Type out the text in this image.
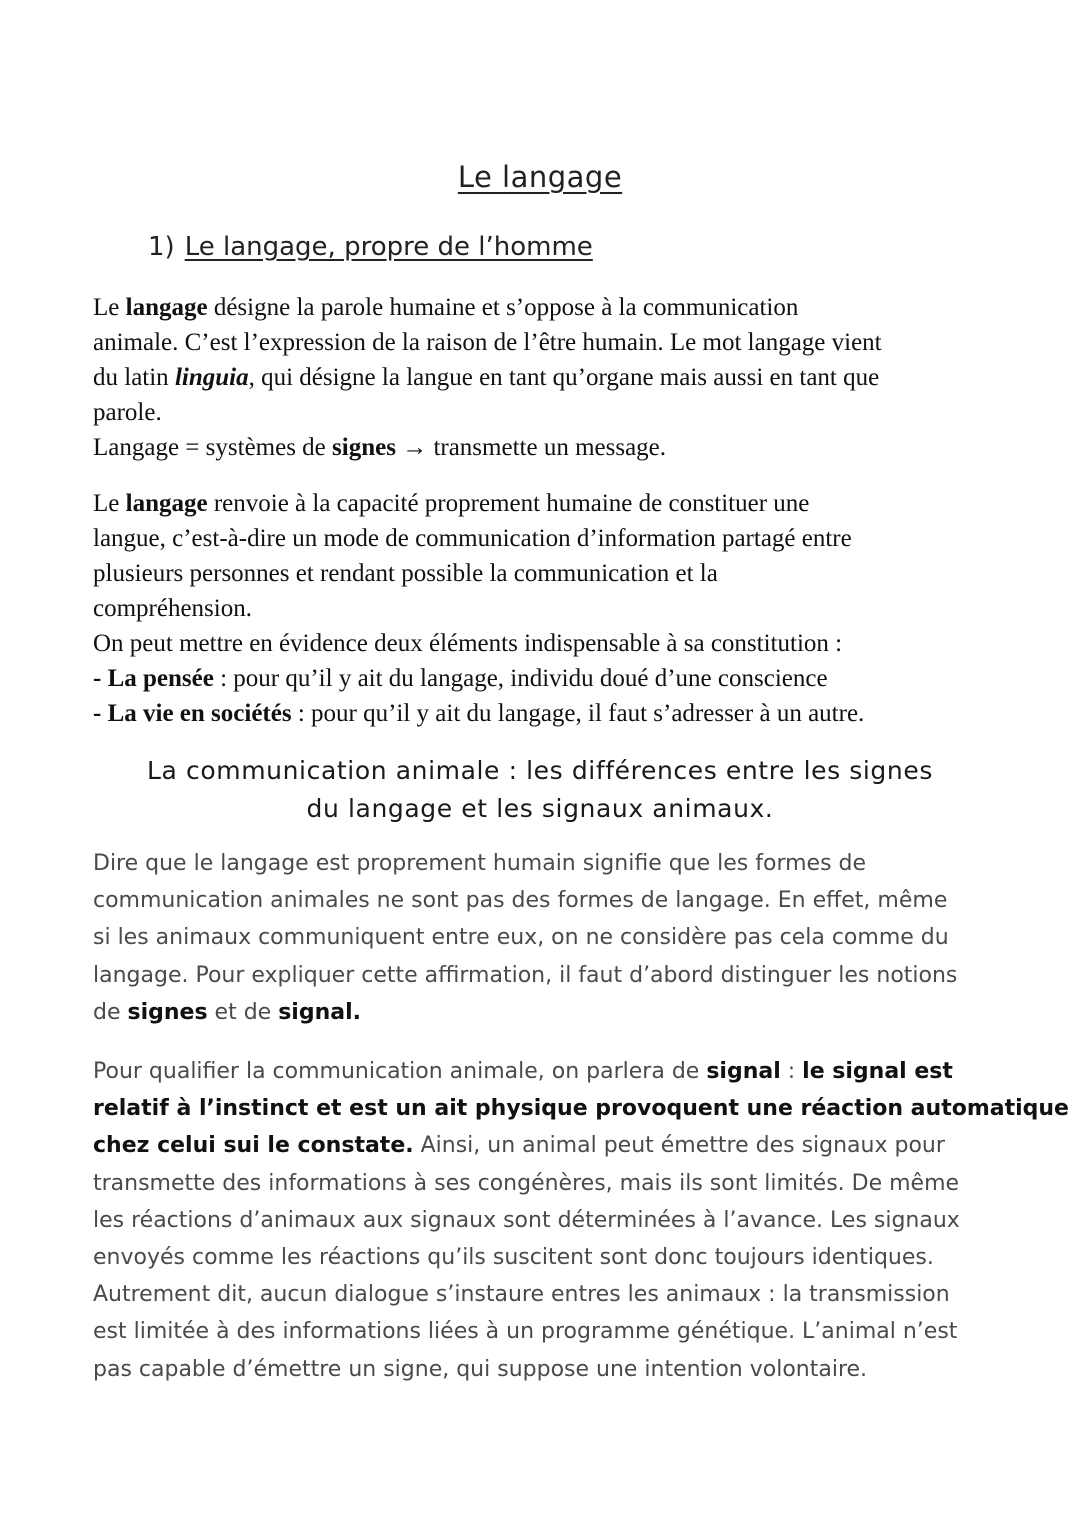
Le langage
1) Le langage, propre de l’homme

Le langage désigne la parole humaine et s’oppose à la communication

animale. C’est l’expression de la raison de l’être humain. Le mot langage vient

du latin linguia, qui désigne la langue en tant qu’organe mais aussi en tant que

parole.

Langage = systèmes de signes → transmette un message.

Le langage renvoie à la capacité proprement humaine de constituer une

langue, c’est-à-dire un mode de communication d’information partagé entre

plusieurs personnes et rendant possible la communication et la

compréhension.

On peut mettre en évidence deux éléments indispensable à sa constitution :

- La pensée : pour qu’il y ait du langage, individu doué d’une conscience

- La vie en sociétés : pour qu’il y ait du langage, il faut s’adresser à un autre.

La communication animale : les différences entre les signes
du langage et les signaux animaux.

Dire que le langage est proprement humain signifie que les formes de

communication animales ne sont pas des formes de langage. En effet, même

si les animaux communiquent entre eux, on ne considère pas cela comme du

langage. Pour expliquer cette affirmation, il faut d’abord distinguer les notions

de signes et de signal.

Pour qualifier la communication animale, on parlera de signal : le signal est

relatif à l’instinct et est un ait physique provoquent une réaction automatique

chez celui sui le constate. Ainsi, un animal peut émettre des signaux pour

transmette des informations à ses congénères, mais ils sont limités. De même

les réactions d’animaux aux signaux sont déterminées à l’avance. Les signaux

envoyés comme les réactions qu’ils suscitent sont donc toujours identiques.

Autrement dit, aucun dialogue s’instaure entres les animaux : la transmission

est limitée à des informations liées à un programme génétique. L’animal n’est

pas capable d’émettre un signe, qui suppose une intention volontaire.
